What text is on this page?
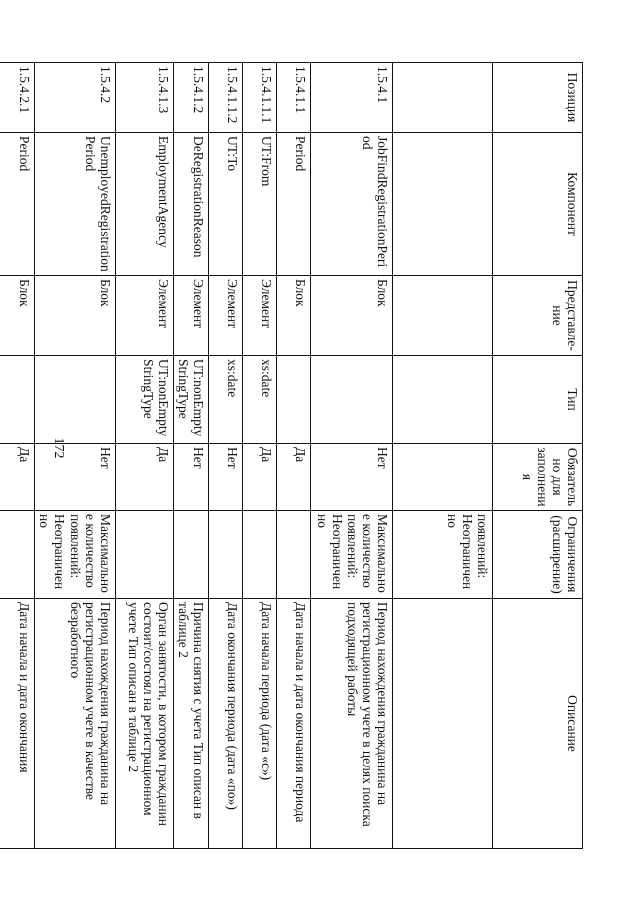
172
Позиция	Компонент	Представле-ние	Тип	Обязательно для заполнения	Ограничения (расширение)	Описание
					появлений: Неограниченно	
1.5.4.1	JobFindRegistrationPeriod	Блок		Нет	Максимальное количество появлений: Неограниченно	Период нахождения гражданина на регистрационном учете в целях поиска подходящей работы
1.5.4.1.1	Period	Блок		Да		Дата начала и дата окончания периода
1.5.4.1.1.1	UT:From	Элемент	xs:date	Да		Дата начала периода (дата «с»)
1.5.4.1.1.2	UT:To	Элемент	xs:date	Нет		Дата окончания периода (дата «по»)
1.5.4.1.2	DeRegistrationReason	Элемент	UT:nonEmpty StringType	Нет		Причина снятия с учета Тип описан в таблице 2
1.5.4.1.3	EmploymentAgency	Элемент	UT:nonEmpty StringType	Да		Орган занятости, в котором гражданин состоит/состоял на регистрационном учете Тип описан в таблице 2
1.5.4.2	UnemployedRegistration Period	Блок		Нет	Максимальное количество появлений: Неограниченно	Период нахождения гражданина на регистрационном учете в качестве безработного
1.5.4.2.1	Period	Блок		Да		Дата начала и дата окончания
